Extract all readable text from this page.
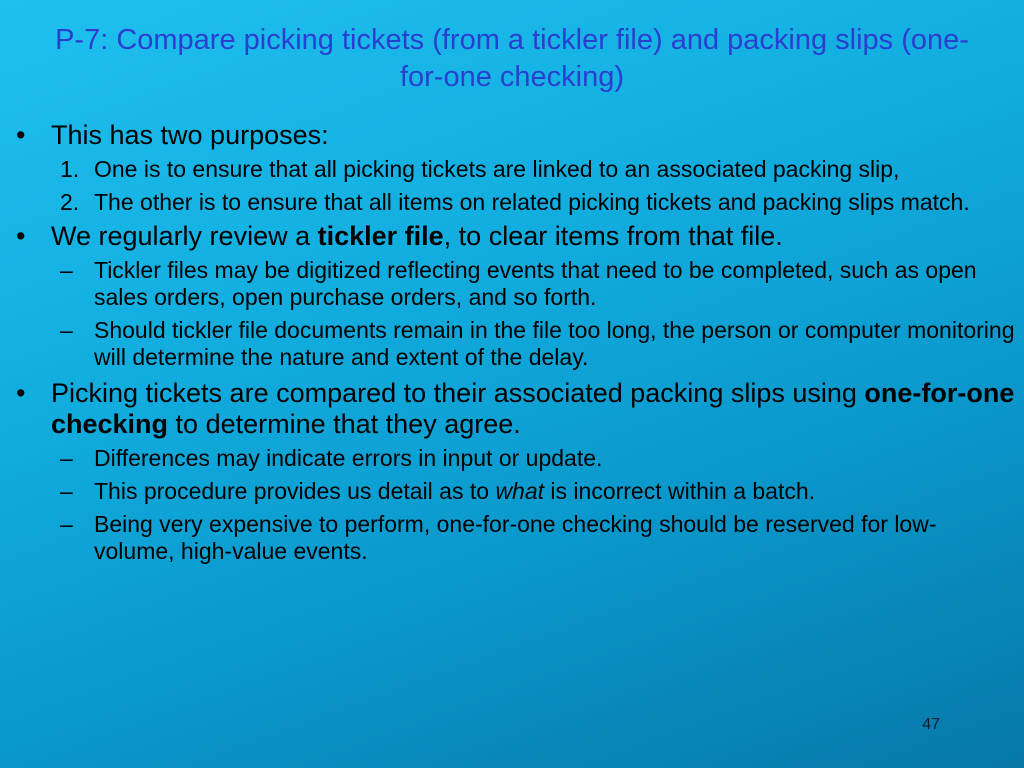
P-7: Compare picking tickets (from a tickler file) and packing slips (one-for-one checking)
• This has two purposes:
1. One is to ensure that all picking tickets are linked to an associated packing slip,
2. The other is to ensure that all items on related picking tickets and packing slips match.
• We regularly review a tickler file, to clear items from that file.
– Tickler files may be digitized reflecting events that need to be completed, such as open sales orders, open purchase orders, and so forth.
– Should tickler file documents remain in the file too long, the person or computer monitoring will determine the nature and extent of the delay.
• Picking tickets are compared to their associated packing slips using one-for-one checking to determine that they agree.
– Differences may indicate errors in input or update.
– This procedure provides us detail as to what is incorrect within a batch.
– Being very expensive to perform, one-for-one checking should be reserved for low-volume, high-value events.
47
